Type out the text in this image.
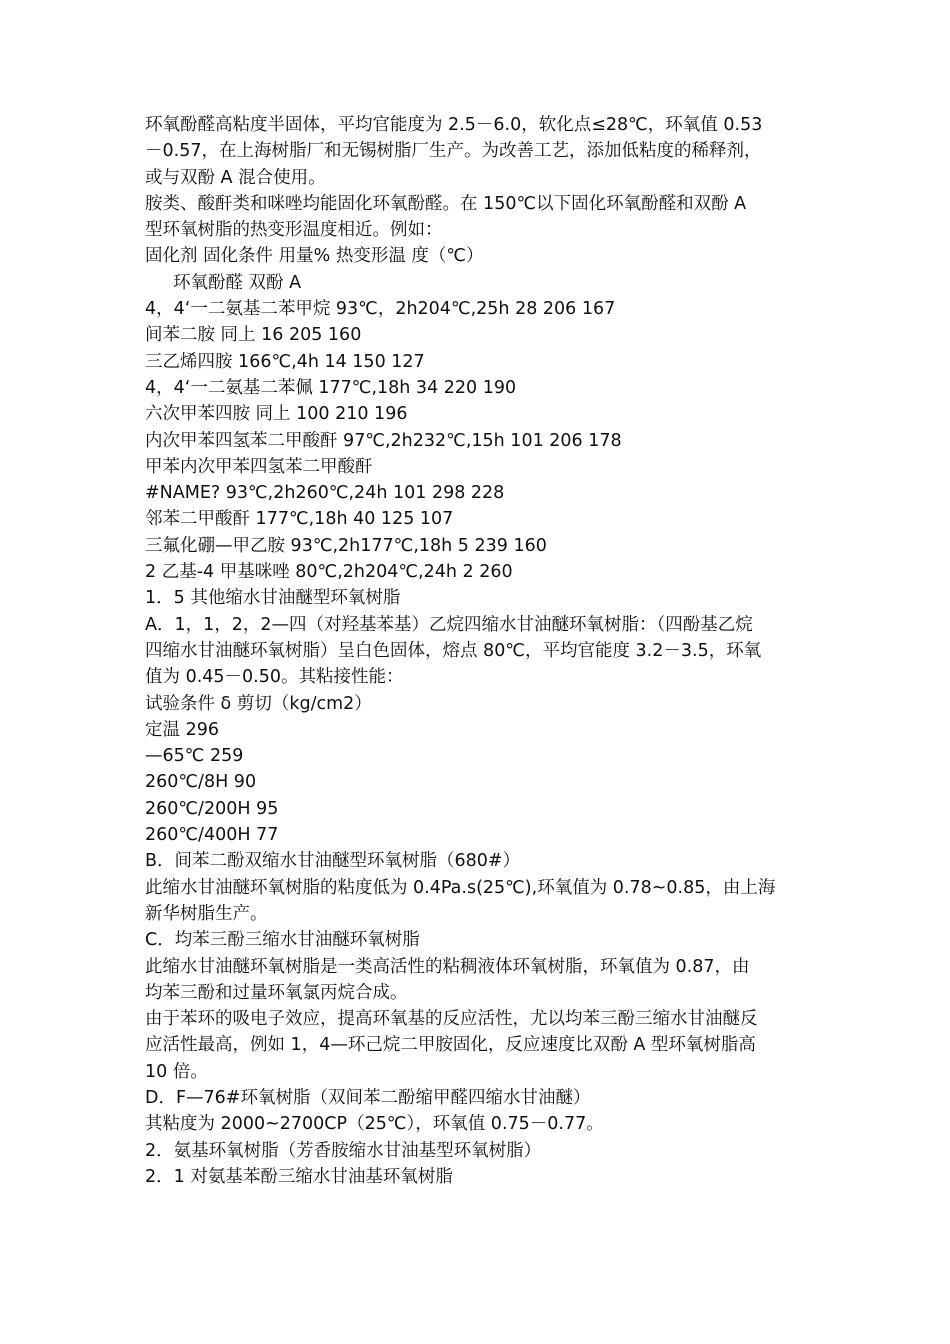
环氧酚醛高粘度半固体，平均官能度为 2.5－6.0，软化点≤28℃，环氧值 0.53
－0.57，在上海树脂厂和无锡树脂厂生产。为改善工艺，添加低粘度的稀释剂，
或与双酚 A 混合使用。
胺类、酸酐类和咪唑均能固化环氧酚醛。在 150℃以下固化环氧酚醛和双酚 A
型环氧树脂的热变形温度相近。例如：
固化剂 固化条件 用量% 热变形温 度（℃）
环氧酚醛 双酚 A
4，4‘一二氨基二苯甲烷 93℃，2h204℃,25h 28 206 167
间苯二胺 同上 16 205 160
三乙烯四胺 166℃,4h 14 150 127
4，4‘一二氨基二苯佩 177℃,18h 34 220 190
六次甲苯四胺 同上 100 210 196
内次甲苯四氢苯二甲酸酐 97℃,2h232℃,15h 101 206 178
甲苯内次甲苯四氢苯二甲酸酐
#NAME? 93℃,2h260℃,24h 101 298 228
邻苯二甲酸酐 177℃,18h 40 125 107
三氟化硼—甲乙胺 93℃,2h177℃,18h 5 239 160
2 乙基-4 甲基咪唑 80℃,2h204℃,24h 2 260
1．5 其他缩水甘油醚型环氧树脂
A．1，1，2，2—四（对羟基苯基）乙烷四缩水甘油醚环氧树脂：（四酚基乙烷
四缩水甘油醚环氧树脂）呈白色固体，熔点 80℃，平均官能度 3.2－3.5，环氧
值为 0.45－0.50。其粘接性能：
试验条件 δ 剪切（kg/cm2）
定温 296
—65℃ 259
260℃/8H 90
260℃/200H 95
260℃/400H 77
B．间苯二酚双缩水甘油醚型环氧树脂（680#）
此缩水甘油醚环氧树脂的粘度低为 0.4Pa.s(25℃),环氧值为 0.78~0.85，由上海
新华树脂生产。
C．均苯三酚三缩水甘油醚环氧树脂
此缩水甘油醚环氧树脂是一类高活性的粘稠液体环氧树脂，环氧值为 0.87，由
均苯三酚和过量环氧氯丙烷合成。
由于苯环的吸电子效应，提高环氧基的反应活性，尤以均苯三酚三缩水甘油醚反
应活性最高，例如 1，4—环己烷二甲胺固化，反应速度比双酚 A 型环氧树脂高
10 倍。
D．F—76#环氧树脂（双间苯二酚缩甲醛四缩水甘油醚）
其粘度为 2000~2700CP（25℃），环氧值 0.75－0.77。
2．氨基环氧树脂（芳香胺缩水甘油基型环氧树脂）
2．1 对氨基苯酚三缩水甘油基环氧树脂
